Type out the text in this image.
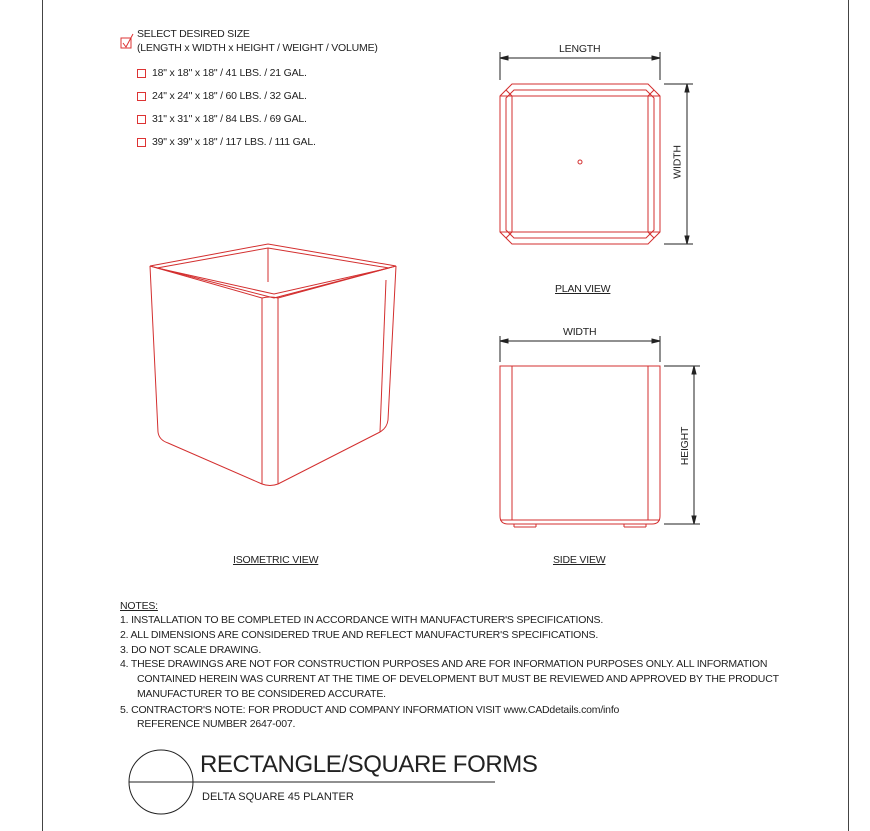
SELECT DESIRED SIZE
(LENGTH x WIDTH x HEIGHT / WEIGHT / VOLUME)
18" x 18" x 18" / 41 LBS. / 21 GAL.
24" x 24" x 18" / 60 LBS. / 32 GAL.
31" x 31" x 18" / 84 LBS. / 69 GAL.
39" x 39" x 18" / 117 LBS. / 111 GAL.
LENGTH
WIDTH
PLAN VIEW
WIDTH
HEIGHT
SIDE VIEW
ISOMETRIC VIEW
NOTES:
1. INSTALLATION TO BE COMPLETED IN ACCORDANCE WITH MANUFACTURER'S SPECIFICATIONS.
2. ALL DIMENSIONS ARE CONSIDERED TRUE AND REFLECT MANUFACTURER'S SPECIFICATIONS.
3. DO NOT SCALE DRAWING.
4. THESE DRAWINGS ARE NOT FOR CONSTRUCTION PURPOSES AND ARE FOR INFORMATION PURPOSES ONLY. ALL INFORMATION
CONTAINED HEREIN WAS CURRENT AT THE TIME OF DEVELOPMENT BUT MUST BE REVIEWED AND APPROVED BY THE PRODUCT
MANUFACTURER TO BE CONSIDERED ACCURATE.
5. CONTRACTOR'S NOTE: FOR PRODUCT AND COMPANY INFORMATION VISIT www.CADdetails.com/info
REFERENCE NUMBER 2647-007.
RECTANGLE/SQUARE FORMS
DELTA SQUARE 45 PLANTER
